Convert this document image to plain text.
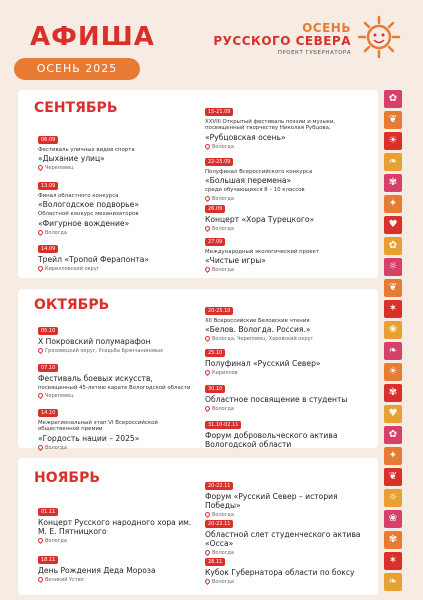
АФИША
ОСЕНЬ 2025
ОСЕНЬ
РУССКОГО СЕВЕРА
ПРОЕКТ ГУБЕРНАТОРА
СЕНТЯБРЬ
06.09
Фестиваль уличных видов спорта
«Дыхание улиц»
Череповец
13.09
Финал областного конкурса
«Вологодское подворье»
Областной конкурс механизаторов
«Фигурное вождение»
Вологда
14.09
Трейл «Тропой Ферапонта»
Кирилловский округ
15-21.09
XXVIII Открытый фестиваль поэзии и музыки, посвященный творчеству Николая Рубцова,
«Рубцовская осень»
Вологда
22-25.09
Полуфинал Всероссийского конкурса
«Большая перемена»
среди обучающихся 8 – 10 классов
Вологда
26.09
Концерт «Хора Турецкого»
Вологда
27.09
Международный экологический проект
«Чистые игры»
Вологда
ОКТЯБРЬ
05.10
X Покровский полумарафон
Грязовецкий округ, Усадьба Брянчаниновых
07.10
Фестиваль боевых искусств,
посвященный 45-летию карате Вологодской области
Череповец
14.10
Межрегиональный этап VI Всероссийской общественной премии
«Гордость нации – 2025»
Вологда
20-25.10
XII Всероссийские Беловские чтения
«Белов. Вологда. Россия.»
Вологда, Череповец, Харовский округ
25.10
Полуфинал «Русский Север»
Кириллов
30.10
Областное посвящение в студенты
Вологда
31.10-02.11
Форум добровольческого актива Вологодской области
НОЯБРЬ
01.11
Концерт Русского народного хора им. М. Е. Пятницкого
Вологда
18.11
День Рождения Деда Мороза
Великий Устюг
20-22.11
Форум «Русский Север – история Победы»
Вологда
20-22.11
Областной слет студенческого актива «Осса»
Вологда
28.11
Кубок Губернатора области по боксу
Вологда
✿
❦
☀
❧
✾
✦
♥
✿
☼
❦
✶
❀
❧
☀
✾
♥
✿
✦
❦
☼
❀
✾
✶
❧
